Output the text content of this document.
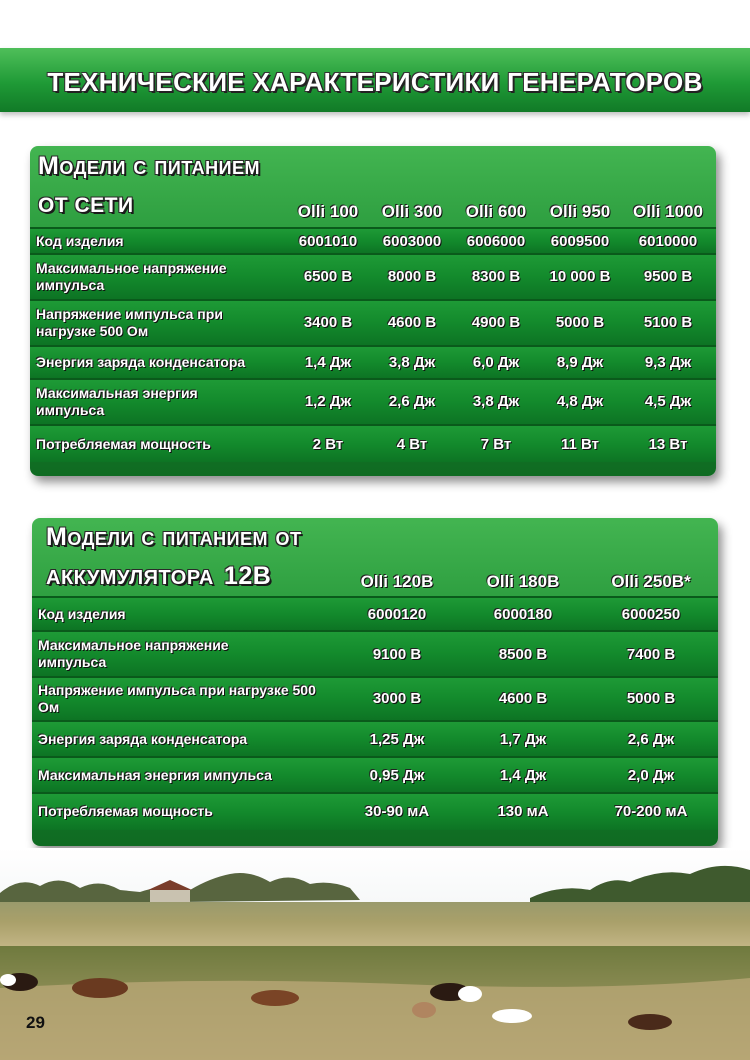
ТЕХНИЧЕСКИЕ ХАРАКТЕРИСТИКИ ГЕНЕРАТОРОВ
Модели с питанием
ОТ СЕТИ	Olli 100	Olli 300	Olli 600	Olli 950	Olli 1000
Код изделия	6001010	6003000	6006000	6009500	6010000
Максимальное напряжение импульса	6500 В	8000 В	8300 В	10 000 В	9500 В
Напряжение импульса при нагрузке 500 Ом	3400 В	4600 В	4900 В	5000 В	5100 В
Энергия заряда конденсатора	1,4 Дж	3,8 Дж	6,0 Дж	8,9 Дж	9,3 Дж
Максимальная энергия импульса	1,2 Дж	2,6 Дж	3,8 Дж	4,8 Дж	4,5 Дж
Потребляемая мощность	2 Вт	4 Вт	7 Вт	11 Вт	13 Вт
Модели с питанием от
АККУМУЛЯТОРА 12В	Olli 120B	Olli 180B	Olli 250B*
Код изделия	6000120	6000180	6000250
Максимальное напряжение импульса	9100 В	8500 В	7400 В
Напряжение импульса при нагрузке 500 Ом	3000 В	4600 В	5000 В
Энергия заряда конденсатора	1,25 Дж	1,7 Дж	2,6 Дж
Максимальная энергия импульса	0,95 Дж	1,4 Дж	2,0 Дж
Потребляемая мощность	30-90 мА	130 мА	70-200 мА
29
